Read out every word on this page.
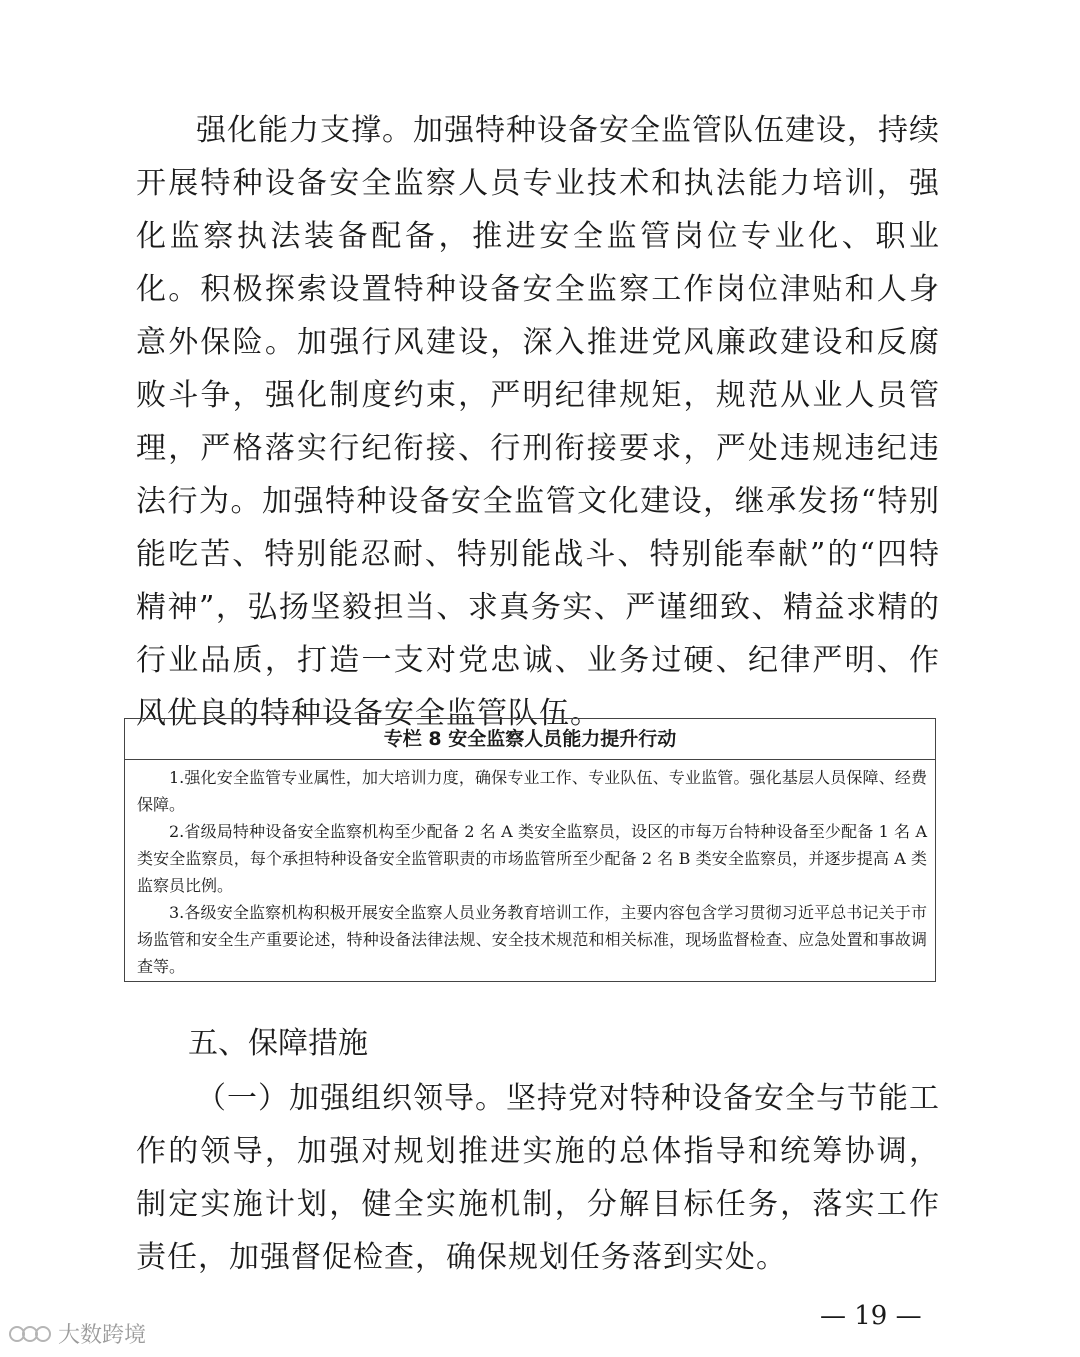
强化能力支撑。加强特种设备安全监管队伍建设，持续开展特种设备安全监察人员专业技术和执法能力培训，强化监察执法装备配备，推进安全监管岗位专业化、职业化。积极探索设置特种设备安全监察工作岗位津贴和人身意外保险。加强行风建设，深入推进党风廉政建设和反腐败斗争，强化制度约束，严明纪律规矩，规范从业人员管理，严格落实行纪衔接、行刑衔接要求，严处违规违纪违法行为。加强特种设备安全监管文化建设，继承发扬“特别能吃苦、特别能忍耐、特别能战斗、特别能奉献”的“四特精神”，弘扬坚毅担当、求真务实、严谨细致、精益求精的行业品质，打造一支对党忠诚、业务过硬、纪律严明、作风优良的特种设备安全监管队伍。

专栏 8 安全监察人员能力提升行动

1.强化安全监管专业属性，加大培训力度，确保专业工作、专业队伍、专业监管。强化基层人员保障、经费保障。

2.省级局特种设备安全监察机构至少配备 2 名 A 类安全监察员，设区的市每万台特种设备至少配备 1 名 A 类安全监察员，每个承担特种设备安全监管职责的市场监管所至少配备 2 名 B 类安全监察员，并逐步提高 A 类监察员比例。

3.各级安全监察机构积极开展安全监察人员业务教育培训工作，主要内容包含学习贯彻习近平总书记关于市场监管和安全生产重要论述，特种设备法律法规、安全技术规范和相关标准，现场监督检查、应急处置和事故调查等。

五、保障措施

（一）加强组织领导。坚持党对特种设备安全与节能工作的领导，加强对规划推进实施的总体指导和统筹协调，制定实施计划，健全实施机制，分解目标任务，落实工作责任，加强督促检查，确保规划任务落到实处。

— 19 —
大数跨境
